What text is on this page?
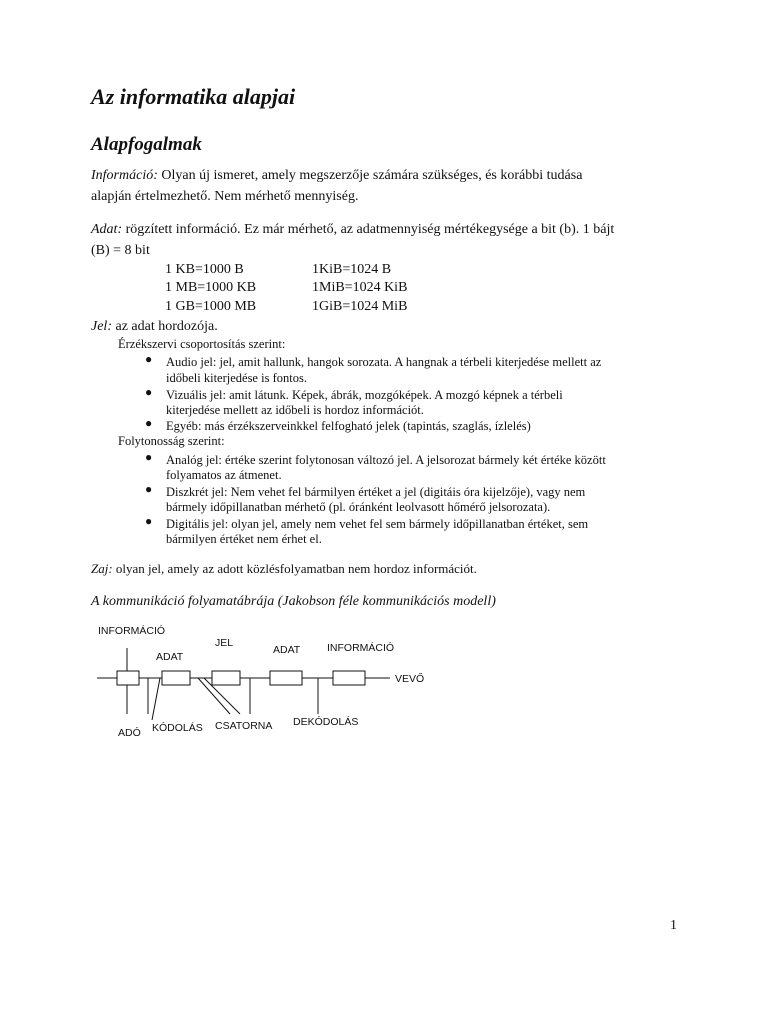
Az informatika alapjai
Alapfogalmak
Információ: Olyan új ismeret, amely megszerzője számára szükséges, és korábbi tudása
alapján értelmezhető. Nem mérhető mennyiség.
Adat: rögzített információ. Ez már mérhető, az adatmennyiség mértékegysége a bit (b). 1 bájt
(B) = 8 bit
1 KB=1000 B	1KiB=1024 B
1 MB=1000 KB	1MiB=1024 KiB
1 GB=1000 MB	1GiB=1024 MiB
Jel: az adat hordozója.
Érzékszervi csoportosítás szerint:
● Audio jel: jel, amit hallunk, hangok sorozata. A hangnak a térbeli kiterjedése mellett az
időbeli kiterjedése is fontos.
● Vizuális jel: amit látunk. Képek, ábrák, mozgóképek. A mozgó képnek a térbeli
kiterjedése mellett az időbeli is hordoz információt.
● Egyéb: más érzékszerveinkkel felfogható jelek (tapintás, szaglás, ízlelés)
Folytonosság szerint:
● Analóg jel: értéke szerint folytonosan változó jel. A jelsorozat bármely két értéke között
folyamatos az átmenet.
● Diszkrét jel: Nem vehet fel bármilyen értéket a jel (digitáis óra kijelzője), vagy nem
bármely időpillanatban mérhető (pl. óránként leolvasott hőmérő jelsorozata).
● Digitális jel: olyan jel, amely nem vehet fel sem bármely időpillanatban értéket, sem
bármilyen értéket nem érhet el.
Zaj: olyan jel, amely az adott közlésfolyamatban nem hordoz információt.
A kommunikáció folyamatábrája (Jakobson féle kommunikációs modell)
INFORMÁCIÓ
ADAT
JEL
ADAT	INFORMÁCIÓ
VEVŐ
ADÓ KÓDOLÁS CSATORNA DEKÓDOLÁS
1
